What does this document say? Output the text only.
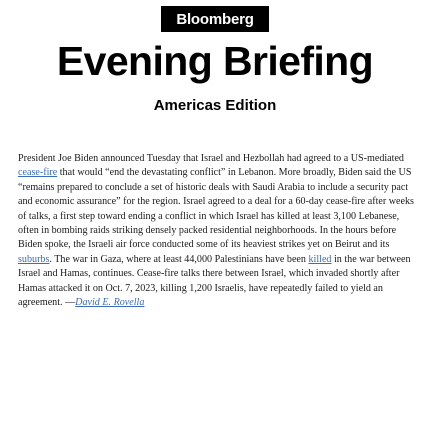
Bloomberg
Evening Briefing
Americas Edition

President Joe Biden announced Tuesday that Israel and Hezbollah had agreed to a US-mediated cease-fire that would “end the devastating conflict” in Lebanon. More broadly, Biden said the US “remains prepared to conclude a set of historic deals with Saudi Arabia to include a security pact and economic assurance” for the region. Israel agreed to a deal for a 60-day cease-fire after weeks of talks, a first step toward ending a conflict in which Israel has killed at least 3,100 Lebanese, often in bombing raids striking densely packed residential neighborhoods. In the hours before Biden spoke, the Israeli air force conducted some of its heaviest strikes yet on Beirut and its suburbs. The war in Gaza, where at least 44,000 Palestinians have been killed in the war between Israel and Hamas, continues. Cease-fire talks there between Israel, which invaded shortly after Hamas attacked it on Oct. 7, 2023, killing 1,200 Israelis, have repeatedly failed to yield an agreement. —David E. Rovella
